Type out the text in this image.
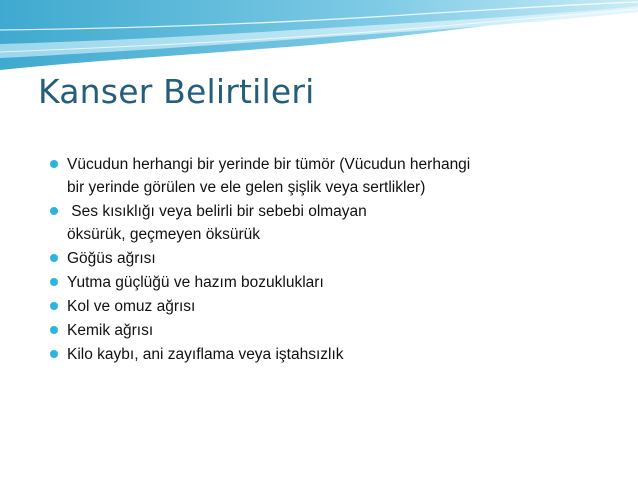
Kanser Belirtileri
Vücudun herhangi bir yerinde bir tümör (Vücudun herhangi
bir yerinde görülen ve ele gelen şişlik veya sertlikler)
Ses kısıklığı veya belirli bir sebebi olmayan
öksürük, geçmeyen öksürük
Göğüs ağrısı
Yutma güçlüğü ve hazım bozuklukları
Kol ve omuz ağrısı
Kemik ağrısı
Kilo kaybı, ani zayıflama veya iştahsızlık
